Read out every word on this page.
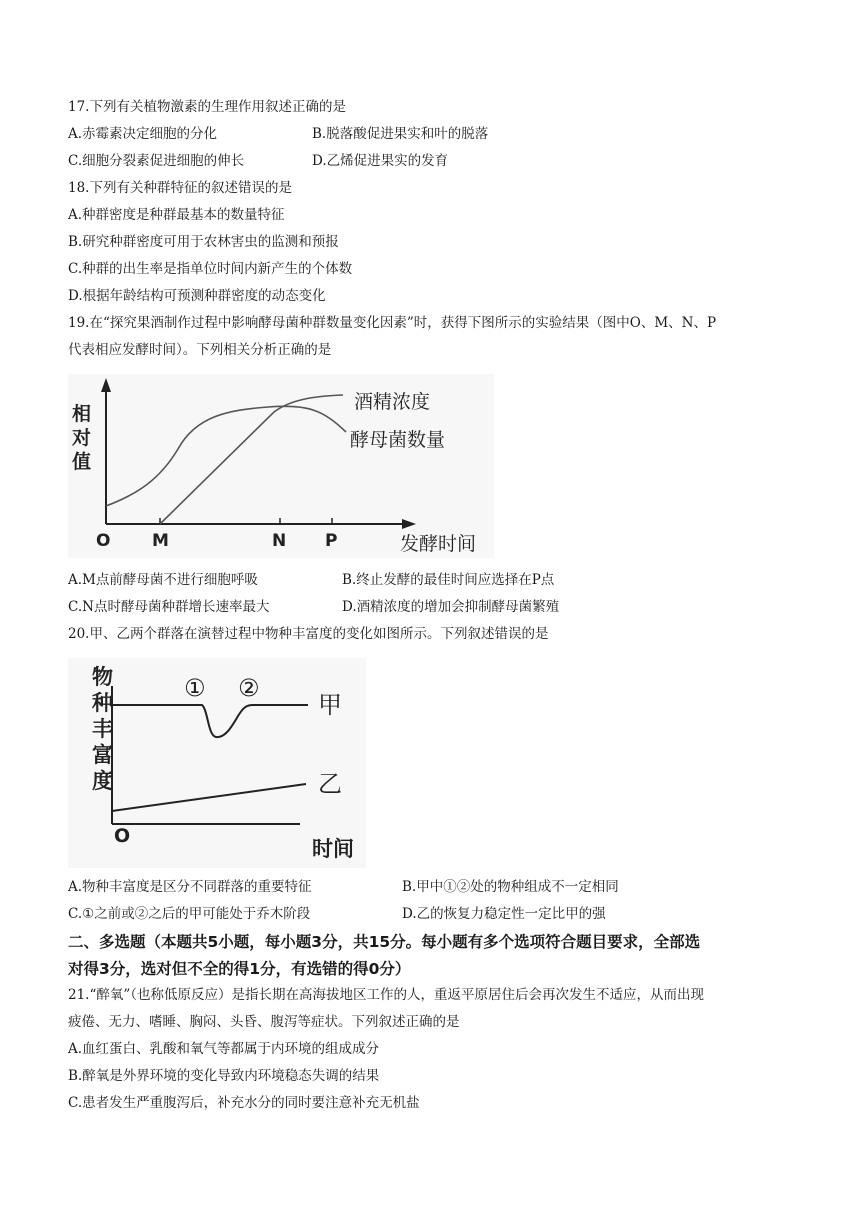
17.下列有关植物激素的生理作用叙述正确的是
A.赤霉素决定细胞的分化	B.脱落酸促进果实和叶的脱落
C.细胞分裂素促进细胞的伸长	D.乙烯促进果实的发育
18.下列有关种群特征的叙述错误的是
A.种群密度是种群最基本的数量特征
B.研究种群密度可用于农林害虫的监测和预报
C.种群的出生率是指单位时间内新产生的个体数
D.根据年龄结构可预测种群密度的动态变化
19.在“探究果酒制作过程中影响酵母菌种群数量变化因素”时，获得下图所示的实验结果（图中O、M、N、P
代表相应发酵时间）。下列相关分析正确的是
相
对
值
酒精浓度
酵母菌数量
O M	N P	发酵时间
A.M点前酵母菌不进行细胞呼吸	B.终止发酵的最佳时间应选择在P点
C.N点时酵母菌种群增长速率最大	D.酒精浓度的增加会抑制酵母菌繁殖
20.甲、乙两个群落在演替过程中物种丰富度的变化如图所示。下列叙述错误的是
物
种
丰
富
度
① ②
甲
乙
O
时间
A.物种丰富度是区分不同群落的重要特征	B.甲中①②处的物种组成不一定相同
C.①之前或②之后的甲可能处于乔木阶段	D.乙的恢复力稳定性一定比甲的强
二、多选题（本题共5小题，每小题3分，共15分。每小题有多个选项符合题目要求，全部选
对得3分，选对但不全的得1分，有选错的得0分）
21.“醉氧”（也称低原反应）是指长期在高海拔地区工作的人，重返平原居住后会再次发生不适应，从而出现
疲倦、无力、嗜睡、胸闷、头昏、腹泻等症状。下列叙述正确的是
A.血红蛋白、乳酸和氧气等都属于内环境的组成成分
B.醉氧是外界环境的变化导致内环境稳态失调的结果
C.患者发生严重腹泻后，补充水分的同时要注意补充无机盐
